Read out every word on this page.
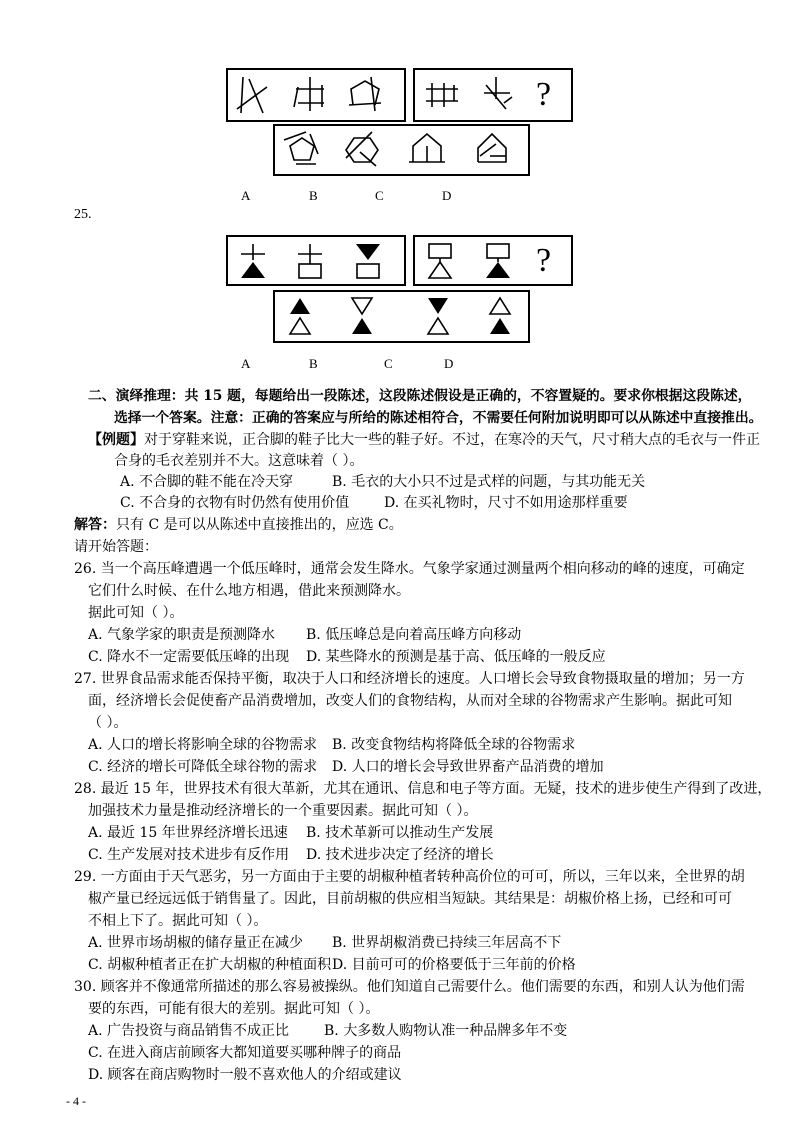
?
A	B	C	D
25.
?
A	B	C	D
二、演绎推理：共 15 题，每题给出一段陈述，这段陈述假设是正确的，不容置疑的。要求你根据这段陈述，
选择一个答案。注意：正确的答案应与所给的陈述相符合，不需要任何附加说明即可以从陈述中直接推出。
【例题】对于穿鞋来说，正合脚的鞋子比大一些的鞋子好。不过，在寒冷的天气，尺寸稍大点的毛衣与一件正
合身的毛衣差别并不大。这意味着（ ）。
A. 不合脚的鞋不能在冷天穿	B. 毛衣的大小只不过是式样的问题，与其功能无关
C. 不合身的衣物有时仍然有使用价值 D. 在买礼物时，尺寸不如用途那样重要
解答：只有 C 是可以从陈述中直接推出的，应选 C。
请开始答题：
26. 当一个高压峰遭遇一个低压峰时，通常会发生降水。气象学家通过测量两个相向移动的峰的速度，可确定
它们什么时候、在什么地方相遇，借此来预测降水。
据此可知（ ）。
A. 气象学家的职责是预测降水 B. 低压峰总是向着高压峰方向移动
C. 降水不一定需要低压峰的出现 D. 某些降水的预测是基于高、低压峰的一般反应
27. 世界食品需求能否保持平衡，取决于人口和经济增长的速度。人口增长会导致食物摄取量的增加；另一方
面，经济增长会促使畜产品消费增加，改变人们的食物结构，从而对全球的谷物需求产生影响。据此可知
（ ）。
A. 人口的增长将影响全球的谷物需求 B. 改变食物结构将降低全球的谷物需求
C. 经济的增长可降低全球谷物的需求 D. 人口的增长会导致世界畜产品消费的增加
28. 最近 15 年，世界技术有很大革新，尤其在通讯、信息和电子等方面。无疑，技术的进步使生产得到了改进，
加强技术力量是推动经济增长的一个重要因素。据此可知（ ）。
A. 最近 15 年世界经济增长迅速 B. 技术革新可以推动生产发展
C. 生产发展对技术进步有反作用 D. 技术进步决定了经济的增长
29. 一方面由于天气恶劣，另一方面由于主要的胡椒种植者转种高价位的可可，所以，三年以来，全世界的胡
椒产量已经远远低于销售量了。因此，目前胡椒的供应相当短缺。其结果是：胡椒价格上扬，已经和可可
不相上下了。据此可知（ ）。
A. 世界市场胡椒的储存量正在减少 B. 世界胡椒消费已持续三年居高不下
C. 胡椒种植者正在扩大胡椒的种植面积 D. 目前可可的价格要低于三年前的价格
30. 顾客并不像通常所描述的那么容易被操纵。他们知道自己需要什么。他们需要的东西，和别人认为他们需
要的东西，可能有很大的差别。据此可知（ ）。
A. 广告投资与商品销售不成正比 B. 大多数人购物认准一种品牌多年不变
C. 在进入商店前顾客大都知道要买哪种牌子的商品
D. 顾客在商店购物时一般不喜欢他人的介绍或建议
- 4 -
